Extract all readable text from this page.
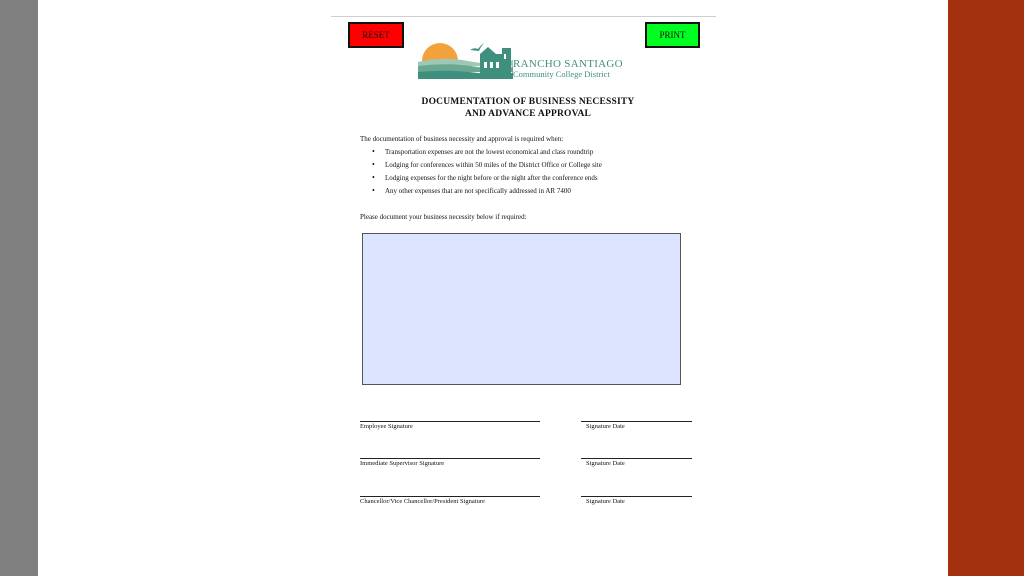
RESET	PRINT
RANCHO SANTIAGO
Community College District
DOCUMENTATION OF BUSINESS NECESSITY
AND ADVANCE APPROVAL
The documentation of business necessity and approval is required when:
• Transportation expenses are not the lowest economical and class roundtrip
• Lodging for conferences within 50 miles of the District Office or College site
• Lodging expenses for the night before or the night after the conference ends
• Any other expenses that are not specifically addressed in AR 7400
Please document your business necessity below if required:
Employee Signature	Signature Date
Immediate Supervisor Signature	Signature Date
Chancellor/Vice Chancellor/President Signature	Signature Date
